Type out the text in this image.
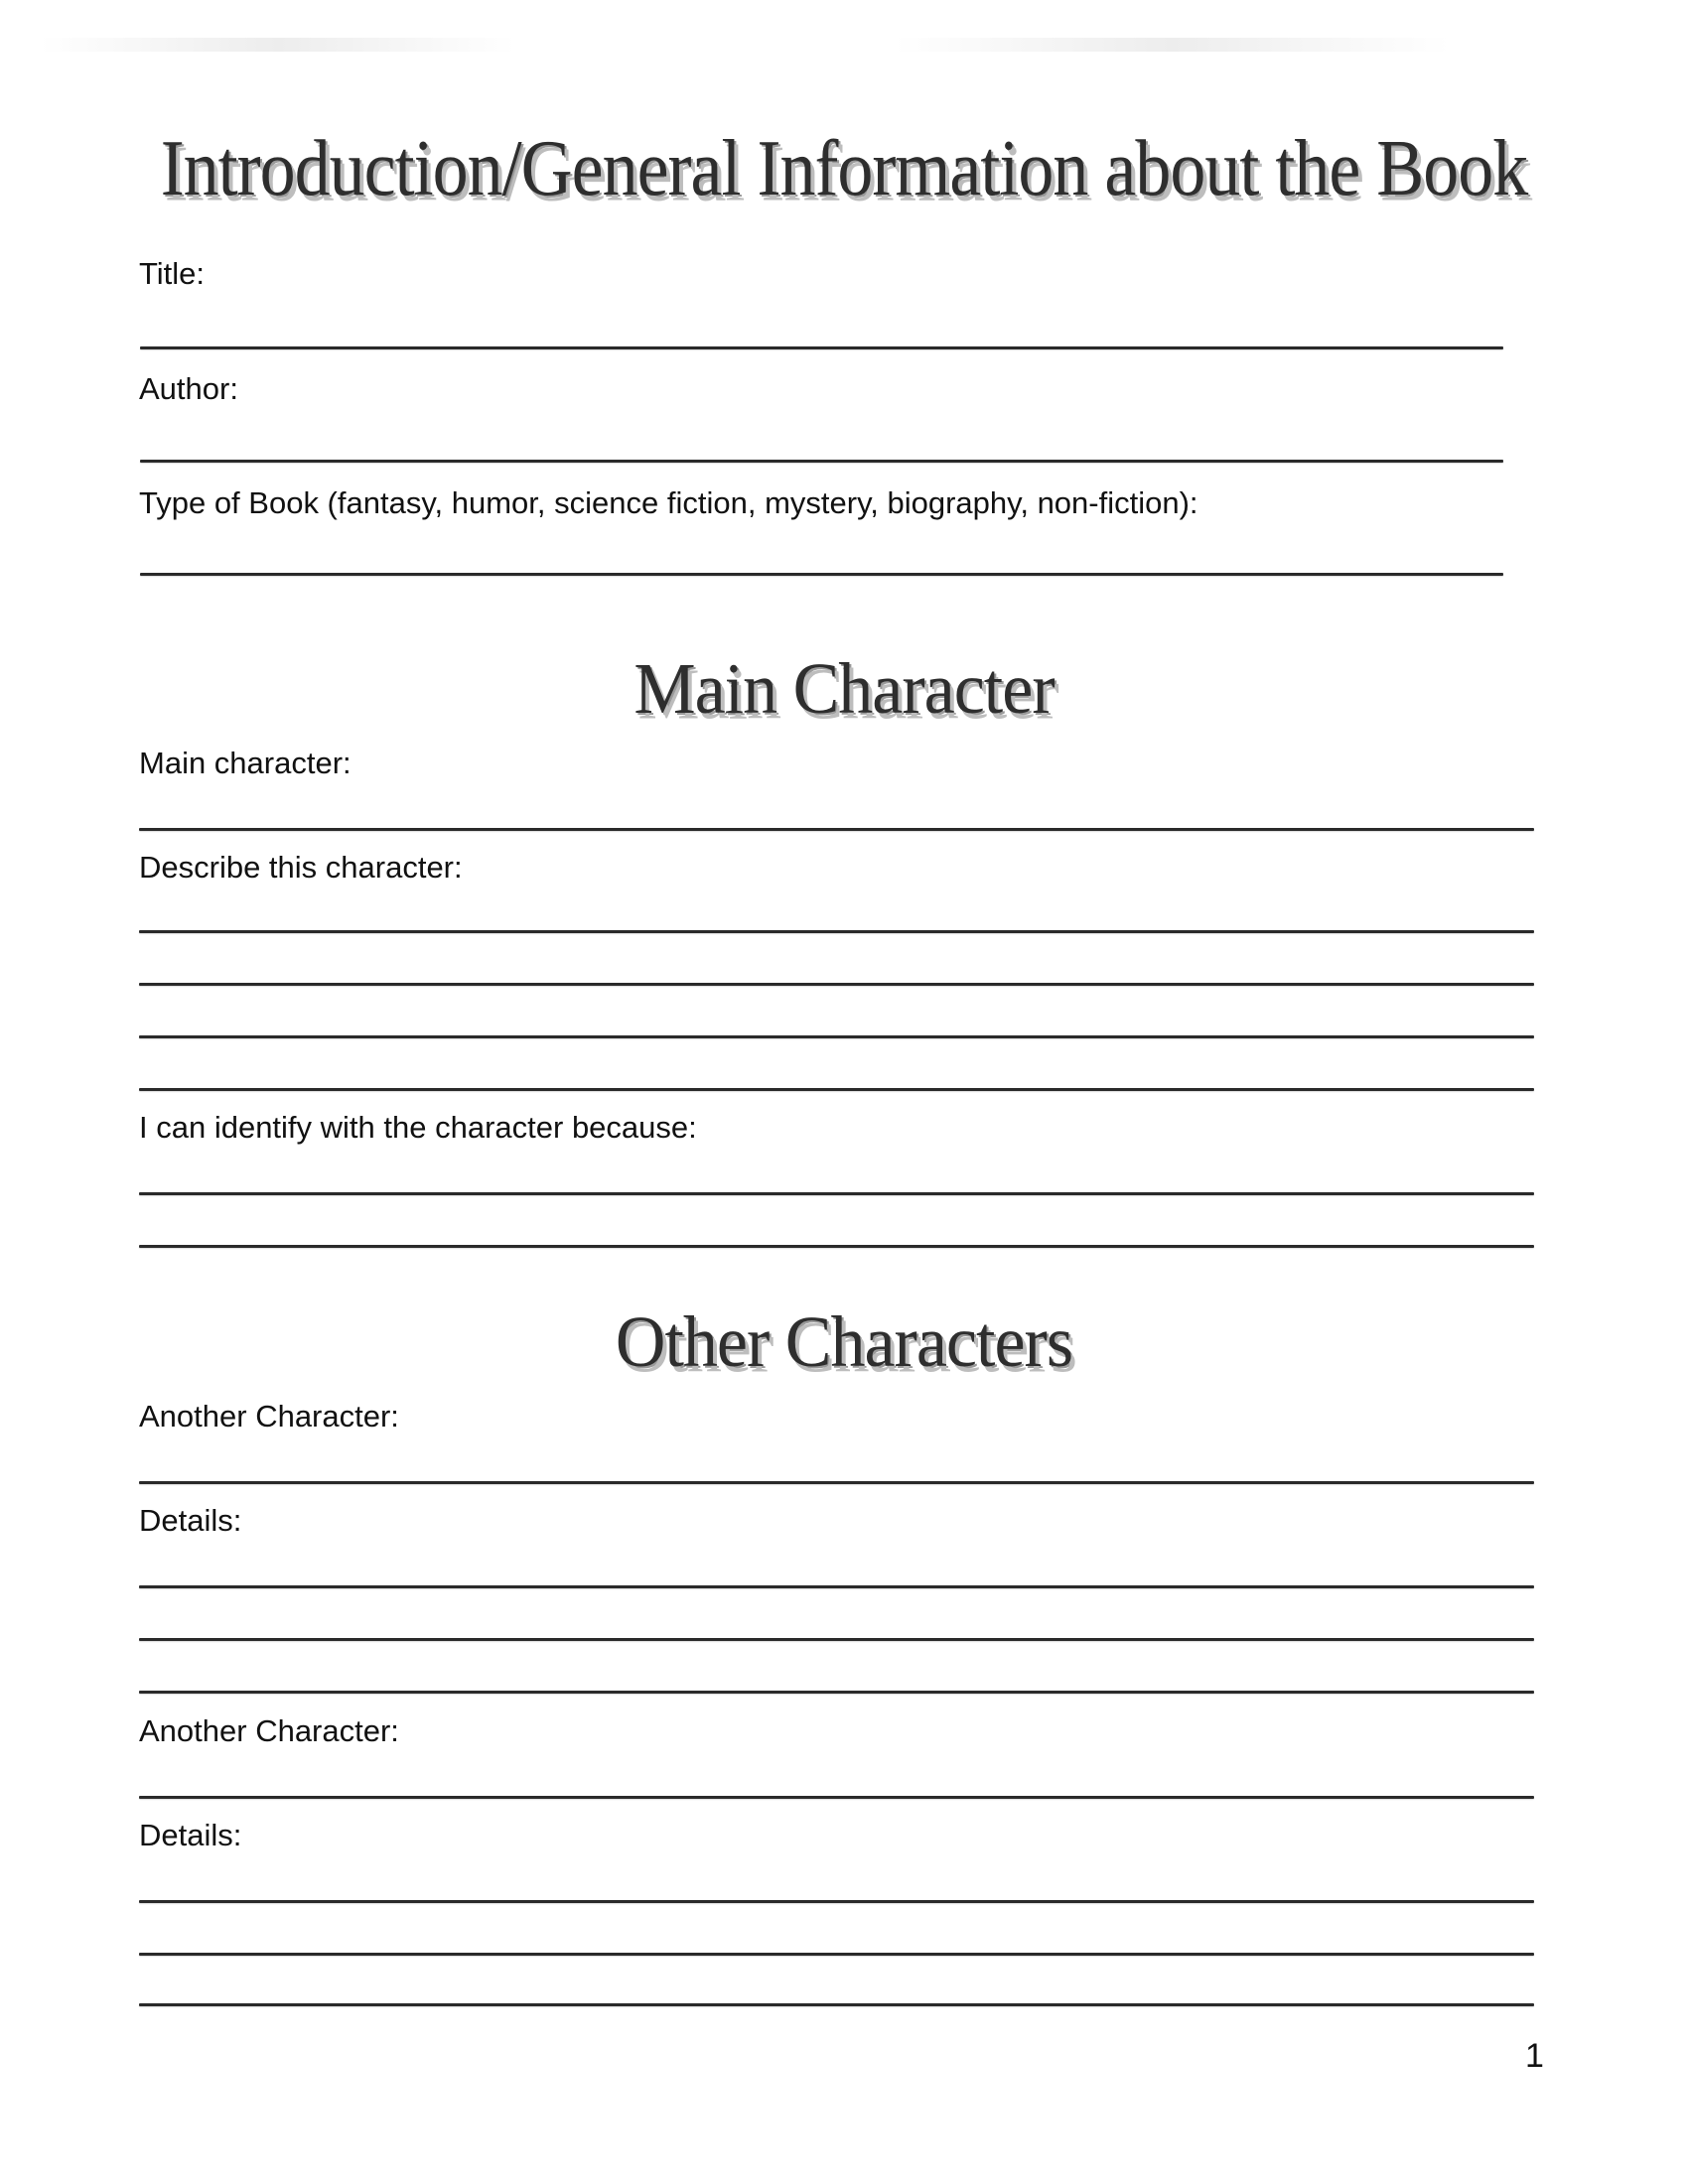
Introduction/General Information about the Book
Title:
Author:
Type of Book (fantasy, humor, science fiction, mystery, biography, non-fiction):
Main Character
Main character:
Describe this character:
I can identify with the character because:
Other Characters
Another Character:
Details:
Another Character:
Details:
1
